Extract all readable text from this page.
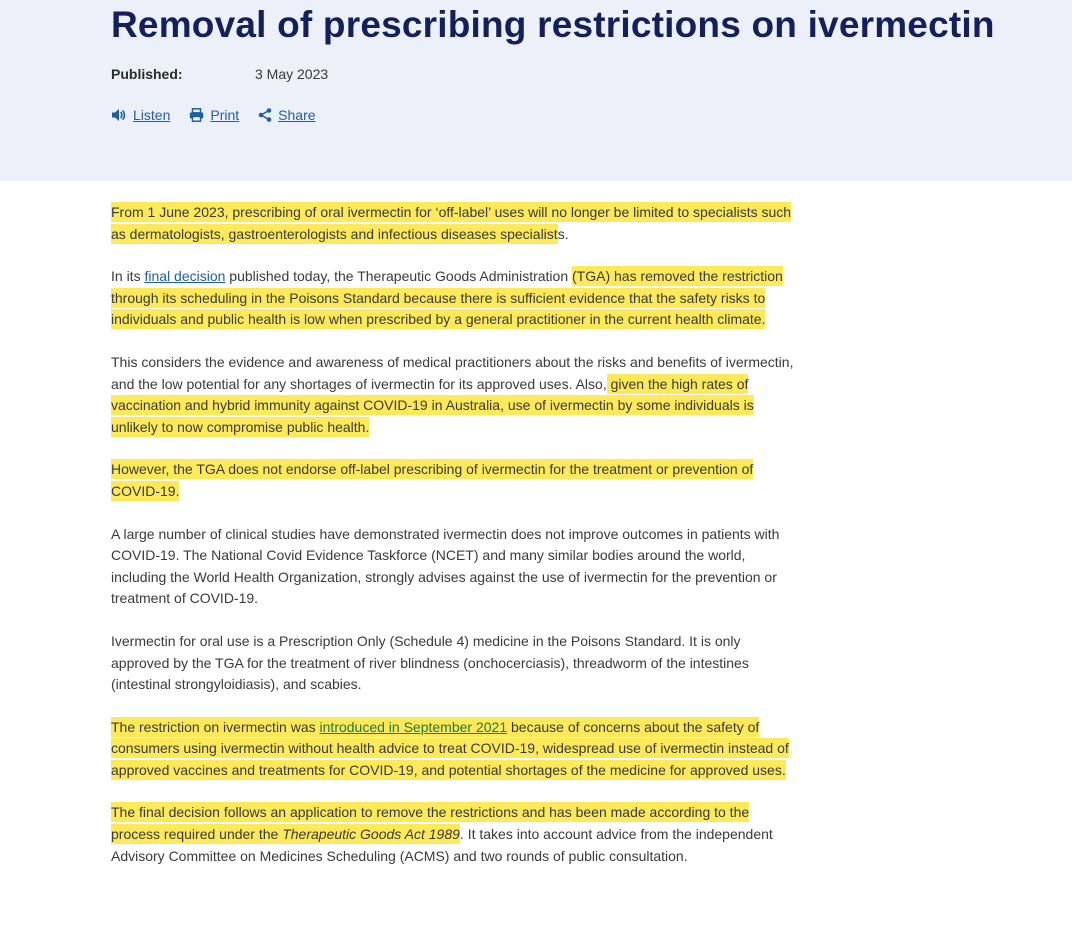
Removal of prescribing restrictions on ivermectin
Published:	3 May 2023
Listen	Print	Share

From 1 June 2023, prescribing of oral ivermectin for ‘off-label’ uses will no longer be limited to specialists such as dermatologists, gastroenterologists and infectious diseases specialists.

In its final decision published today, the Therapeutic Goods Administration (TGA) has removed the restriction through its scheduling in the Poisons Standard because there is sufficient evidence that the safety risks to individuals and public health is low when prescribed by a general practitioner in the current health climate.

This considers the evidence and awareness of medical practitioners about the risks and benefits of ivermectin, and the low potential for any shortages of ivermectin for its approved uses. Also, given the high rates of vaccination and hybrid immunity against COVID-19 in Australia, use of ivermectin by some individuals is unlikely to now compromise public health.

However, the TGA does not endorse off-label prescribing of ivermectin for the treatment or prevention of COVID-19.

A large number of clinical studies have demonstrated ivermectin does not improve outcomes in patients with COVID-19. The National Covid Evidence Taskforce (NCET) and many similar bodies around the world, including the World Health Organization, strongly advises against the use of ivermectin for the prevention or treatment of COVID-19.

Ivermectin for oral use is a Prescription Only (Schedule 4) medicine in the Poisons Standard. It is only approved by the TGA for the treatment of river blindness (onchocerciasis), threadworm of the intestines (intestinal strongyloidiasis), and scabies.

The restriction on ivermectin was introduced in September 2021 because of concerns about the safety of consumers using ivermectin without health advice to treat COVID-19, widespread use of ivermectin instead of approved vaccines and treatments for COVID-19, and potential shortages of the medicine for approved uses.

The final decision follows an application to remove the restrictions and has been made according to the process required under the Therapeutic Goods Act 1989. It takes into account advice from the independent Advisory Committee on Medicines Scheduling (ACMS) and two rounds of public consultation.
